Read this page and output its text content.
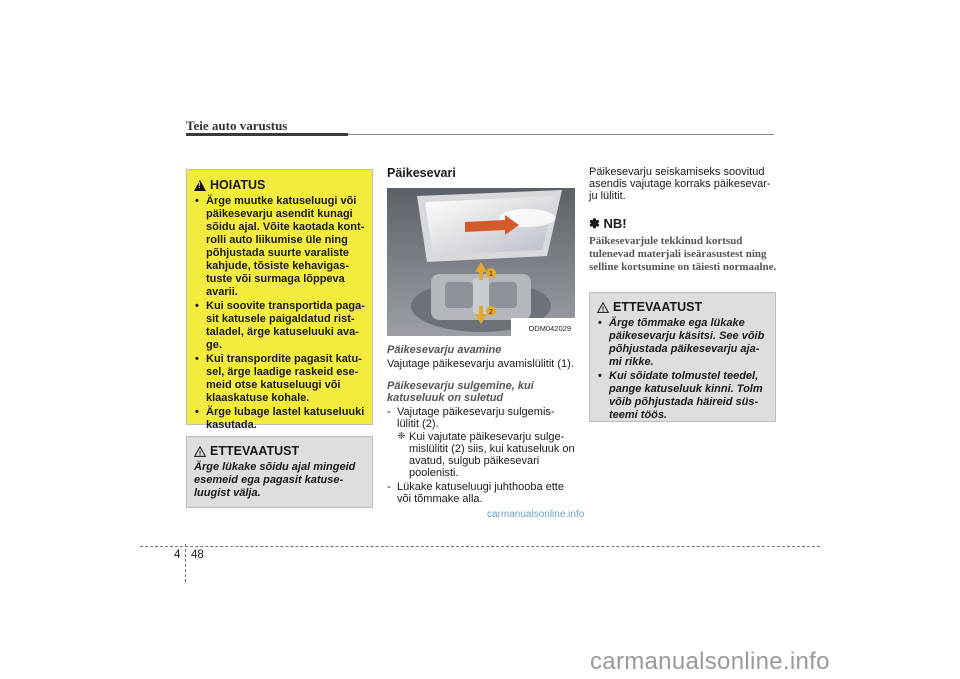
Teie auto varustus
!
HOIATUS
• Ärge muutke katuseluugi või päikesevarju asendit kunagi sõidu ajal. Võite kaotada kont-rolli auto liikumise üle ning põhjustada suurte varaliste kahjude, tõsiste kehavigas-tuste või surmaga lõppeva avarii.
• Kui soovite transportida paga-sit katusele paigaldatud rist-taladel, ärge katuseluuki ava-ge.
• Kui transpordite pagasit katu-sel, ärge laadige raskeid ese-meid otse katuseluugi või klaaskatuse kohale.
• Ärge lubage lastel katuseluuki kasutada.
! ETTEVAATUST
Ärge lükake sõidu ajal mingeid esemeid ega pagasit katuse-luugist välja.
Päikesevari
1
2
ODM042029
Päikesevarju avamine
Vajutage päikesevarju avamislülitit (1).
Päikesevarju sulgemine, kui katuseluuk on suletud
- Vajutage päikesevarju sulgemis-lülitit (2).
❈ Kui vajutate päikesevarju sulge-mislülitit (2) siis, kui katuseluuk on avatud, sulgub päikesevari poolenisti.
- Lükake katuseluugi juhthooba ette või tõmmake alla.
Päikesevarju seiskamiseks soovitud asendis vajutage korraks päikesevar-ju lülitit.
✽ NB!
Päikesevarjule tekkinud kortsud tulenevad materjali iseärasustest ning selline kortsumine on täiesti normaalne.
! ETTEVAATUST
• Ärge tõmmake ega lükake päikesevarju käsitsi. See võib põhjustada päikesevarju aja-mi rikke.
• Kui sõidate tolmustel teedel, pange katuseluuk kinni. Tolm võib põhjustada häireid süs-teemi töös.
4 48
carmanualsonline.info
carmanualsonline.info
